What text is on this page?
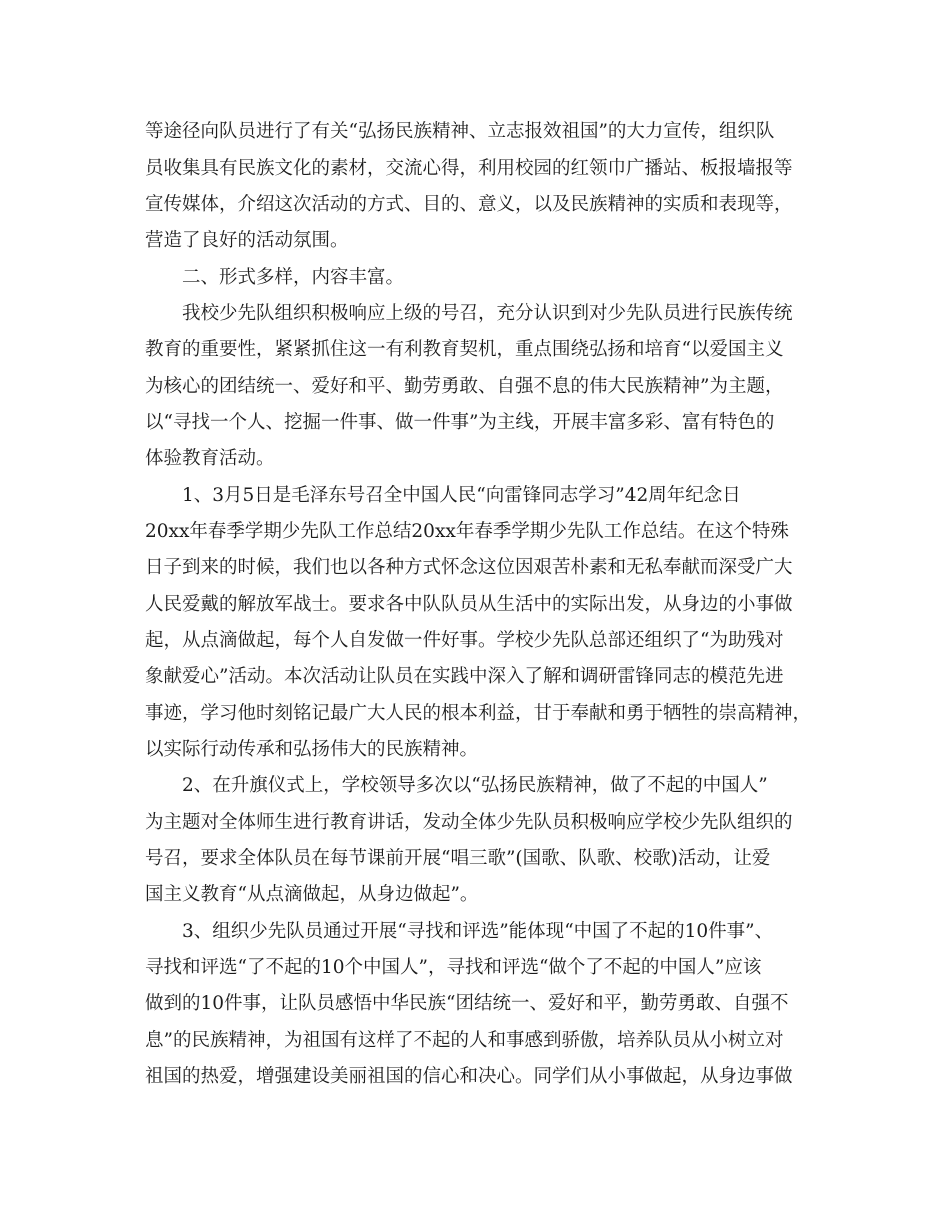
等途径向队员进行了有关“弘扬民族精神、立志报效祖国”的大力宣传，组织队
员收集具有民族文化的素材，交流心得，利用校园的红领巾广播站、板报墙报等
宣传媒体，介绍这次活动的方式、目的、意义，以及民族精神的实质和表现等，
营造了良好的活动氛围。
二、形式多样，内容丰富。
我校少先队组织积极响应上级的号召，充分认识到对少先队员进行民族传统
教育的重要性，紧紧抓住这一有利教育契机，重点围绕弘扬和培育“以爱国主义
为核心的团结统一、爱好和平、勤劳勇敢、自强不息的伟大民族精神”为主题，
以“寻找一个人、挖掘一件事、做一件事”为主线，开展丰富多彩、富有特色的
体验教育活动。
1、3月5日是毛泽东号召全中国人民“向雷锋同志学习”42周年纪念日
20xx年春季学期少先队工作总结20xx年春季学期少先队工作总结。在这个特殊
日子到来的时候，我们也以各种方式怀念这位因艰苦朴素和无私奉献而深受广大
人民爱戴的解放军战士。要求各中队队员从生活中的实际出发，从身边的小事做
起，从点滴做起，每个人自发做一件好事。学校少先队总部还组织了“为助残对
象献爱心”活动。本次活动让队员在实践中深入了解和调研雷锋同志的模范先进
事迹，学习他时刻铭记最广大人民的根本利益，甘于奉献和勇于牺牲的崇高精神，
以实际行动传承和弘扬伟大的民族精神。
2、在升旗仪式上，学校领导多次以“弘扬民族精神，做了不起的中国人”
为主题对全体师生进行教育讲话，发动全体少先队员积极响应学校少先队组织的
号召，要求全体队员在每节课前开展“唱三歌”(国歌、队歌、校歌)活动，让爱
国主义教育“从点滴做起，从身边做起”。
3、组织少先队员通过开展“寻找和评选”能体现“中国了不起的10件事”、
寻找和评选“了不起的10个中国人”，寻找和评选“做个了不起的中国人”应该
做到的10件事，让队员感悟中华民族“团结统一、爱好和平，勤劳勇敢、自强不
息”的民族精神，为祖国有这样了不起的人和事感到骄傲，培养队员从小树立对
祖国的热爱，增强建设美丽祖国的信心和决心。同学们从小事做起，从身边事做
